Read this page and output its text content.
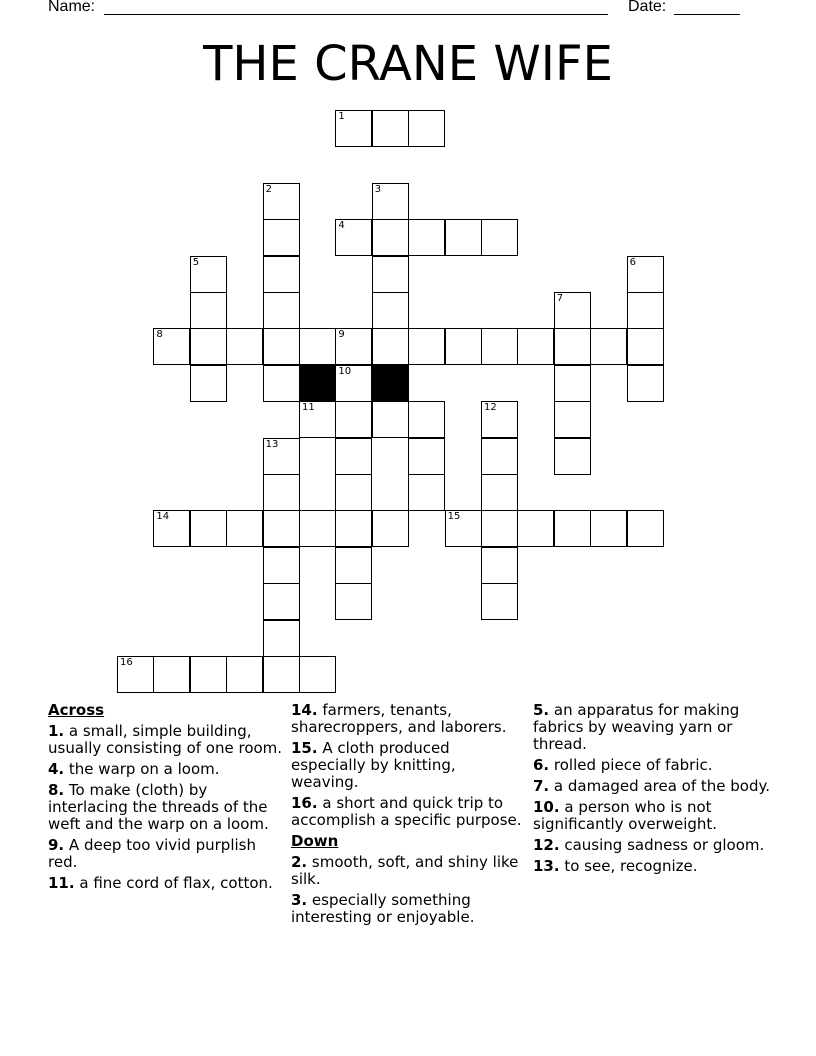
Name:	Date:
THE CRANE WIFE
1
2	3
4
5	6
7
8	9
12
13
14	15
16
11
10
Across
1. a small, simple building, usually consisting of one room.
4. the warp on a loom.
8. To make (cloth) by interlacing the threads of the weft and the warp on a loom.
9. A deep too vivid purplish red.
11. a fine cord of flax, cotton.
14. farmers, tenants, sharecroppers, and laborers.
15. A cloth produced especially by knitting, weaving.
16. a short and quick trip to accomplish a specific purpose.
Down
2. smooth, soft, and shiny like silk.
3. especially something interesting or enjoyable.
5. an apparatus for making fabrics by weaving yarn or thread.
6. rolled piece of fabric.
7. a damaged area of the body.
10. a person who is not significantly overweight.
12. causing sadness or gloom.
13. to see, recognize.
